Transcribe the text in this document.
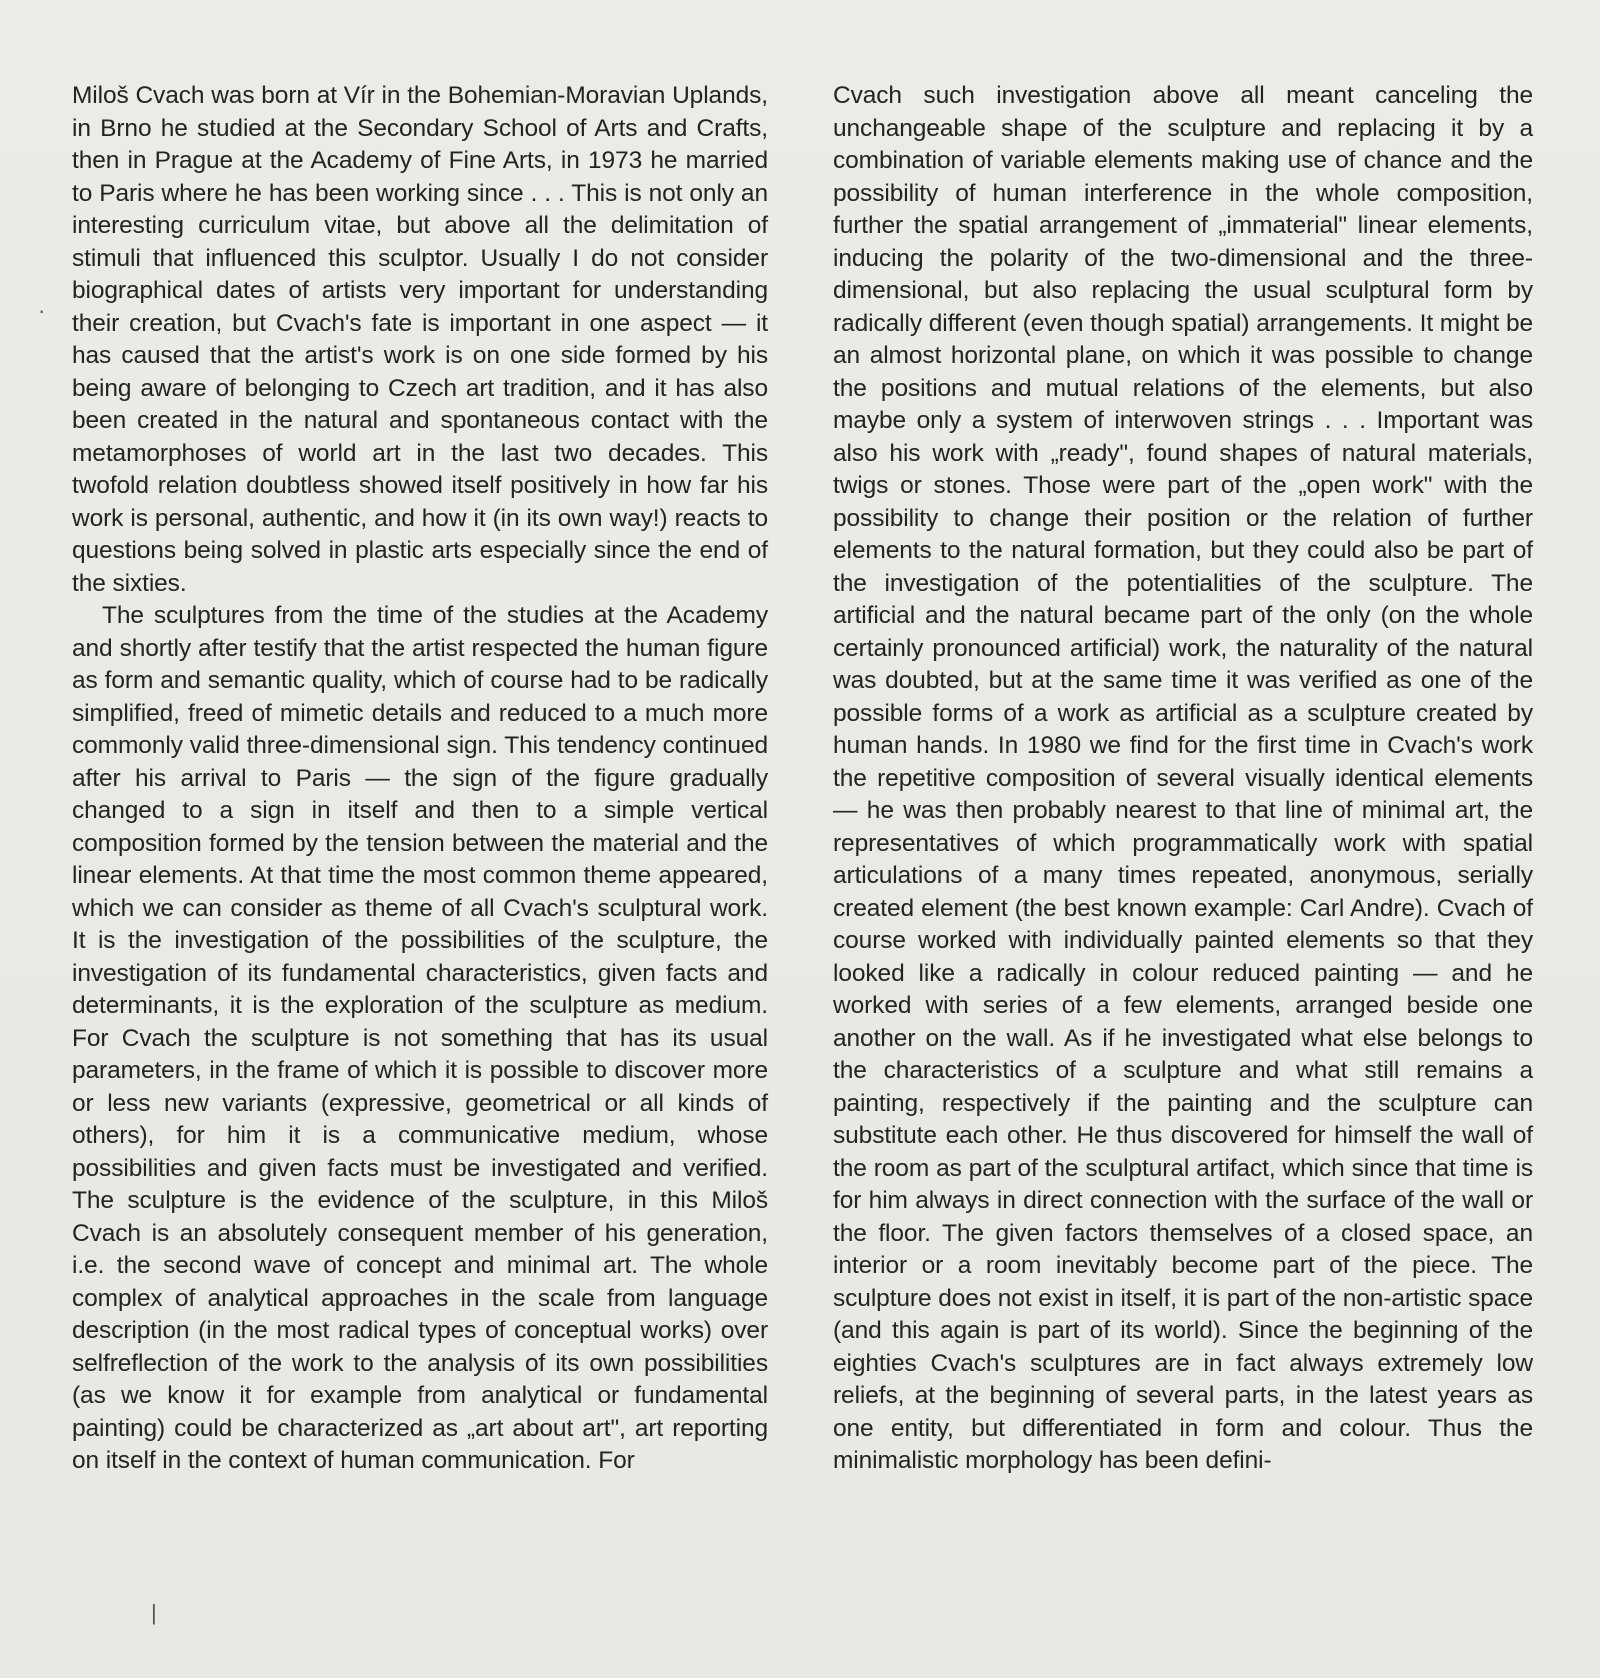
Miloš Cvach was born at Vír in the Bohemian-Moravian Uplands, in Brno he studied at the Secondary School of Arts and Crafts, then in Prague at the Academy of Fine Arts, in 1973 he married to Paris where he has been working since . . . This is not only an interesting curriculum vitae, but above all the delimitation of stimuli that influenced this sculptor. Usually I do not consider biographical dates of artists very important for understanding their creation, but Cvach's fate is important in one aspect — it has caused that the artist's work is on one side formed by his being aware of belonging to Czech art tradition, and it has also been created in the natural and spontaneous contact with the metamorphoses of world art in the last two decades. This twofold relation doubtless showed itself positively in how far his work is personal, authentic, and how it (in its own way!) reacts to questions being solved in plastic arts especially since the end of the sixties.

The sculptures from the time of the studies at the Academy and shortly after testify that the artist respected the human figure as form and semantic quality, which of course had to be radically simplified, freed of mimetic details and reduced to a much more commonly valid three-dimensional sign. This tendency continued after his arrival to Paris — the sign of the figure gradually changed to a sign in itself and then to a simple vertical composition formed by the tension between the material and the linear elements. At that time the most common theme appeared, which we can consider as theme of all Cvach's sculptural work. It is the investigation of the possibilities of the sculpture, the investigation of its fundamental characteristics, given facts and determinants, it is the exploration of the sculpture as medium. For Cvach the sculpture is not something that has its usual parameters, in the frame of which it is possible to discover more or less new variants (expressive, geometrical or all kinds of others), for him it is a communicative medium, whose possibilities and given facts must be investigated and verified. The sculpture is the evidence of the sculpture, in this Miloš Cvach is an absolutely consequent member of his generation, i.e. the second wave of concept and minimal art. The whole complex of analytical approaches in the scale from language description (in the most radical types of conceptual works) over selfreflection of the work to the analysis of its own possibilities (as we know it for example from analytical or fundamental painting) could be characterized as „art about art", art reporting on itself in the context of human communication. For

Cvach such investigation above all meant canceling the unchangeable shape of the sculpture and replacing it by a combination of variable elements making use of chance and the possibility of human interference in the whole composition, further the spatial arrangement of „immaterial" linear elements, inducing the polarity of the two-dimensional and the three-dimensional, but also replacing the usual sculptural form by radically different (even though spatial) arrangements. It might be an almost horizontal plane, on which it was possible to change the positions and mutual relations of the elements, but also maybe only a system of interwoven strings . . . Important was also his work with „ready", found shapes of natural materials, twigs or stones. Those were part of the „open work" with the possibility to change their position or the relation of further elements to the natural formation, but they could also be part of the investigation of the potentialities of the sculpture. The artificial and the natural became part of the only (on the whole certainly pronounced artificial) work, the naturality of the natural was doubted, but at the same time it was verified as one of the possible forms of a work as artificial as a sculpture created by human hands. In 1980 we find for the first time in Cvach's work the repetitive composition of several visually identical elements — he was then probably nearest to that line of minimal art, the representatives of which programmatically work with spatial articulations of a many times repeated, anonymous, serially created element (the best known example: Carl Andre). Cvach of course worked with individually painted elements so that they looked like a radically in colour reduced painting — and he worked with series of a few elements, arranged beside one another on the wall. As if he investigated what else belongs to the characteristics of a sculpture and what still remains a painting, respectively if the painting and the sculpture can substitute each other. He thus discovered for himself the wall of the room as part of the sculptural artifact, which since that time is for him always in direct connection with the surface of the wall or the floor. The given factors themselves of a closed space, an interior or a room inevitably become part of the piece. The sculpture does not exist in itself, it is part of the non-artistic space (and this again is part of its world). Since the beginning of the eighties Cvach's sculptures are in fact always extremely low reliefs, at the beginning of several parts, in the latest years as one entity, but differentiated in form and colour. Thus the minimalistic morphology has been defini-

·
|
